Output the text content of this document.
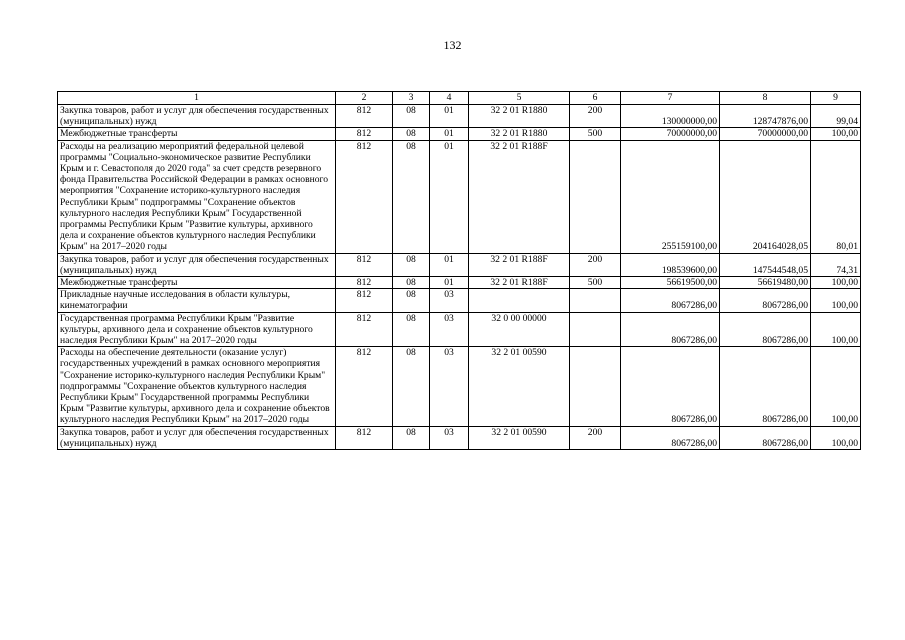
132
1	2	3	4	5	6	7	8	9
Закупка товаров, работ и услуг для обеспечения государственных (муниципальных) нужд	812	08	01	32 2 01 R1880	200	130000000,00	128747876,00	99,04
Межбюджетные трансферты	812	08	01	32 2 01 R1880	500	70000000,00	70000000,00	100,00
Расходы на реализацию мероприятий федеральной целевой программы "Социально-экономическое развитие Республики Крым и г. Севастополя до 2020 года" за счет средств резервного фонда Правительства Российской Федерации в рамках основного мероприятия "Сохранение историко-культурного наследия Республики Крым" подпрограммы "Сохранение объектов культурного наследия Республики Крым" Государственной программы Республики Крым "Развитие культуры, архивного дела и сохранение объектов культурного наследия Республики Крым" на 2017–2020 годы	812	08	01	32 2 01 R188F		255159100,00	204164028,05	80,01
Закупка товаров, работ и услуг для обеспечения государственных (муниципальных) нужд	812	08	01	32 2 01 R188F	200	198539600,00	147544548,05	74,31
Межбюджетные трансферты	812	08	01	32 2 01 R188F	500	56619500,00	56619480,00	100,00
Прикладные научные исследования в области культуры, кинематографии	812	08	03			8067286,00	8067286,00	100,00
Государственная программа Республики Крым "Развитие культуры, архивного дела и сохранение объектов культурного наследия Республики Крым" на 2017–2020 годы	812	08	03	32 0 00 00000		8067286,00	8067286,00	100,00
Расходы на обеспечение деятельности (оказание услуг) государственных учреждений в рамках основного мероприятия "Сохранение историко-культурного наследия Республики Крым" подпрограммы "Сохранение объектов культурного наследия Республики Крым" Государственной программы Республики Крым "Развитие культуры, архивного дела и сохранение объектов культурного наследия Республики Крым" на 2017–2020 годы	812	08	03	32 2 01 00590		8067286,00	8067286,00	100,00
Закупка товаров, работ и услуг для обеспечения государственных (муниципальных) нужд	812	08	03	32 2 01 00590	200	8067286,00	8067286,00	100,00
